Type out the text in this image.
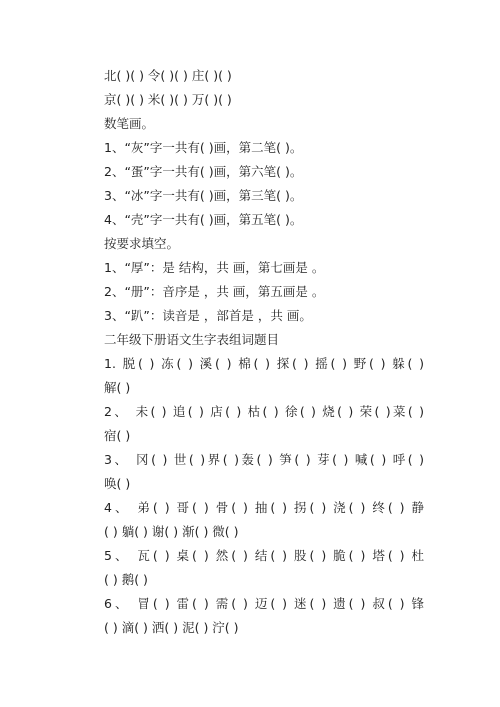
北( )( ) 令( )( ) 庄( )( )
京( )( ) 米( )( ) 万( )( )
数笔画。
1、“灰”字一共有( )画，第二笔( )。
2、“蛋”字一共有( )画，第六笔( )。
3、“冰”字一共有( )画，第三笔( )。
4、“壳”字一共有( )画，第五笔( )。
按要求填空。
1、“厚”：是 结构，共 画，第七画是 。
2、“册”：音序是 ，共 画，第五画是 。
3、“趴”：读音是 ，部首是 ，共 画。
二年级下册语文生字表组词题目
1. 脱( ) 冻( ) 溪( ) 棉( ) 探( ) 摇( ) 野( ) 躲( )
解( )
2、 未( ) 追( ) 店( ) 枯( ) 徐( ) 烧( ) 荣( )菜( )
宿( )
3、 冈( ) 世( )界( )轰( ) 笋( ) 芽( ) 喊( ) 呼( )
唤( )
4、 弟( ) 哥( ) 骨( ) 抽( ) 拐( ) 浇( ) 终( ) 静
( ) 躺( ) 谢( ) 渐( ) 微( )
5、 瓦( ) 桌( ) 然( ) 结( ) 股( ) 脆( ) 塔( ) 杜
( ) 鹅( )
6、 冒( ) 雷( ) 需( ) 迈( ) 迷( ) 遗( ) 叔( ) 锋
( ) 滴( ) 洒( ) 泥( ) 泞( )
